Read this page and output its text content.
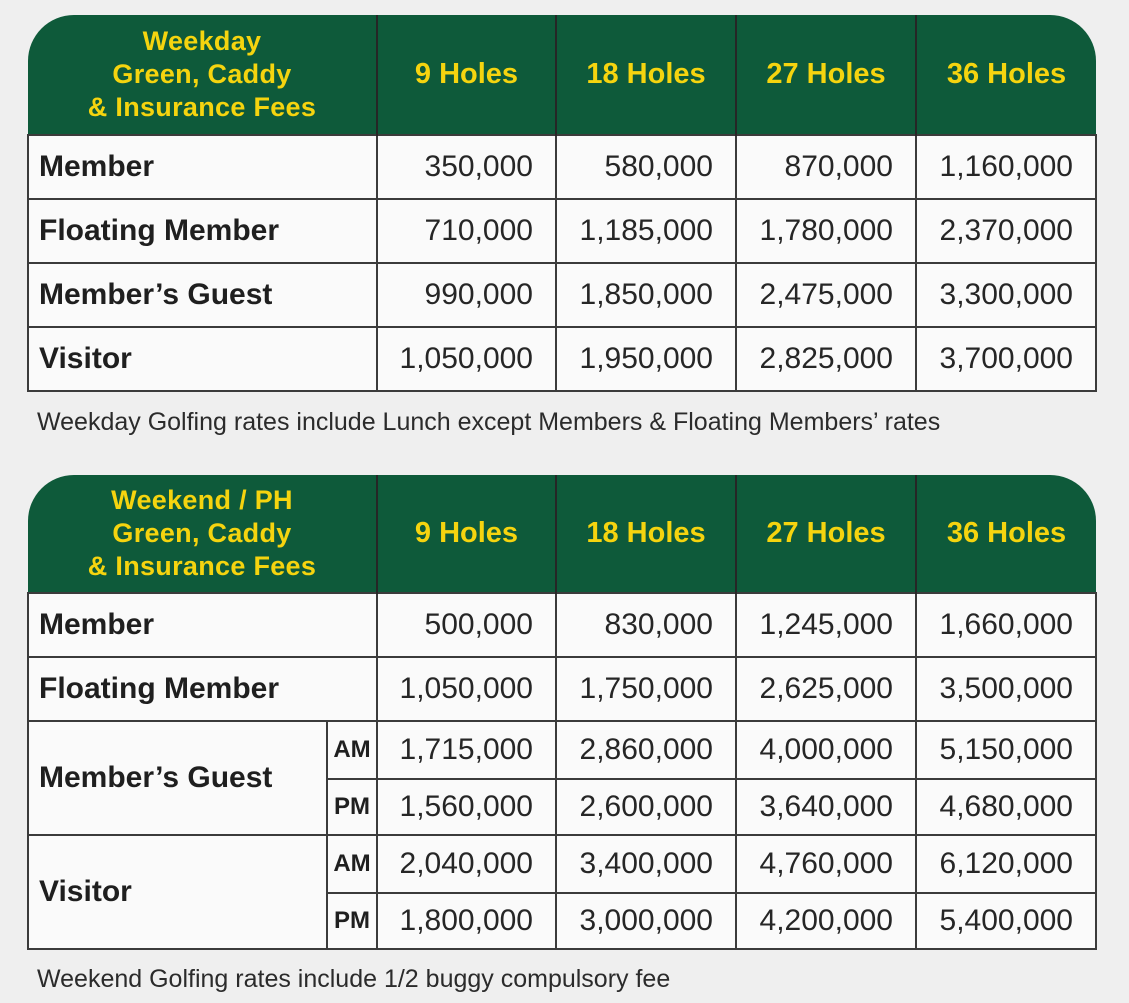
Weekday
Green, Caddy
& Insurance Fees	9 Holes	18 Holes	27 Holes	36 Holes
Member	350,000	580,000	870,000	1,160,000
Floating Member	710,000	1,185,000	1,780,000	2,370,000
Member’s Guest	990,000	1,850,000	2,475,000	3,300,000
Visitor	1,050,000	1,950,000	2,825,000	3,700,000
Weekday Golfing rates include Lunch except Members & Floating Members’ rates
Weekend / PH
Green, Caddy
& Insurance Fees		9 Holes	18 Holes	27 Holes	36 Holes
Member		500,000	830,000	1,245,000	1,660,000
Floating Member		1,050,000	1,750,000	2,625,000	3,500,000
Member’s Guest	AM	1,715,000	2,860,000	4,000,000	5,150,000
	PM	1,560,000	2,600,000	3,640,000	4,680,000
Visitor	AM	2,040,000	3,400,000	4,760,000	6,120,000
	PM	1,800,000	3,000,000	4,200,000	5,400,000
Weekend Golfing rates include 1/2 buggy compulsory fee
